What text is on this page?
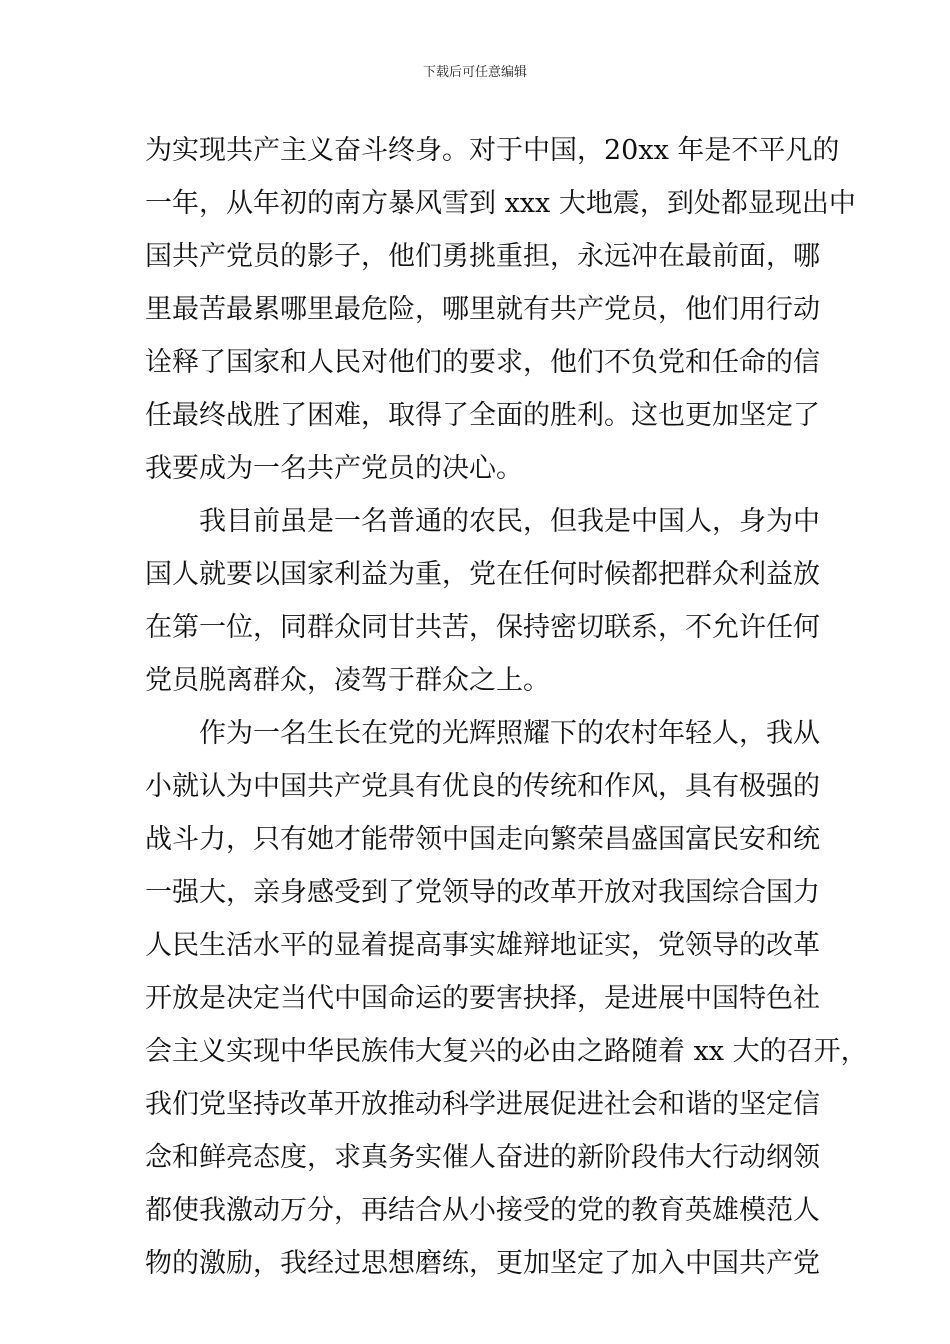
下载后可任意编辑
为实现共产主义奋斗终身。对于中国，20xx 年是不平凡的
一年，从年初的南方暴风雪到 xxx 大地震，到处都显现出中
国共产党员的影子，他们勇挑重担，永远冲在最前面，哪
里最苦最累哪里最危险，哪里就有共产党员，他们用行动
诠释了国家和人民对他们的要求，他们不负党和任命的信
任最终战胜了困难，取得了全面的胜利。这也更加坚定了
我要成为一名共产党员的决心。
我目前虽是一名普通的农民，但我是中国人，身为中
国人就要以国家利益为重，党在任何时候都把群众利益放
在第一位，同群众同甘共苦，保持密切联系，不允许任何
党员脱离群众，凌驾于群众之上。
作为一名生长在党的光辉照耀下的农村年轻人，我从
小就认为中国共产党具有优良的传统和作风，具有极强的
战斗力，只有她才能带领中国走向繁荣昌盛国富民安和统
一强大，亲身感受到了党领导的改革开放对我国综合国力
人民生活水平的显着提高事实雄辩地证实，党领导的改革
开放是决定当代中国命运的要害抉择，是进展中国特色社
会主义实现中华民族伟大复兴的必由之路随着 xx 大的召开，
我们党坚持改革开放推动科学进展促进社会和谐的坚定信
念和鲜亮态度，求真务实催人奋进的新阶段伟大行动纲领
都使我激动万分，再结合从小接受的党的教育英雄模范人
物的激励，我经过思想磨练，更加坚定了加入中国共产党
